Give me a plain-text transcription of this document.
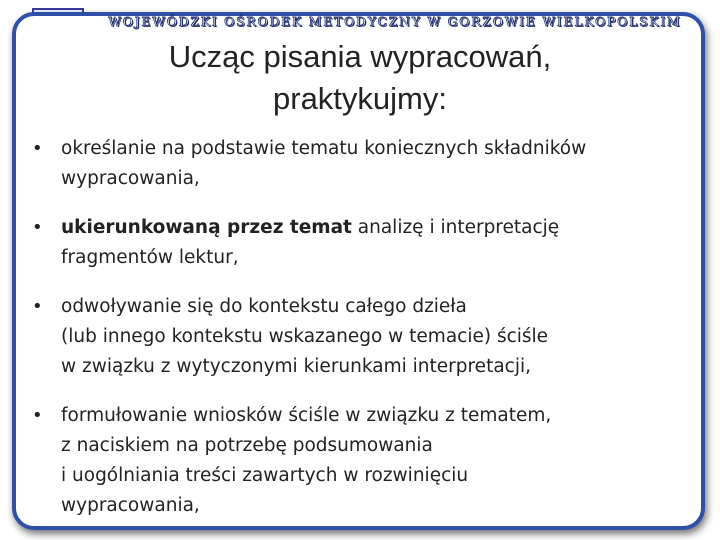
WOJEWÓDZKI OŚRODEK METODYCZNY W GORZOWIE WIELKOPOLSKIM
Ucząc pisania wypracowań,
praktykujmy:
• określanie na podstawie tematu koniecznych składników
wypracowania,
• ukierunkowaną przez temat analizę i interpretację
fragmentów lektur,
• odwoływanie się do kontekstu całego dzieła
(lub innego kontekstu wskazanego w temacie) ściśle
w związku z wytyczonymi kierunkami interpretacji,
• formułowanie wniosków ściśle w związku z tematem,
z naciskiem na potrzebę podsumowania
i uogólniania treści zawartych w rozwinięciu
wypracowania,
